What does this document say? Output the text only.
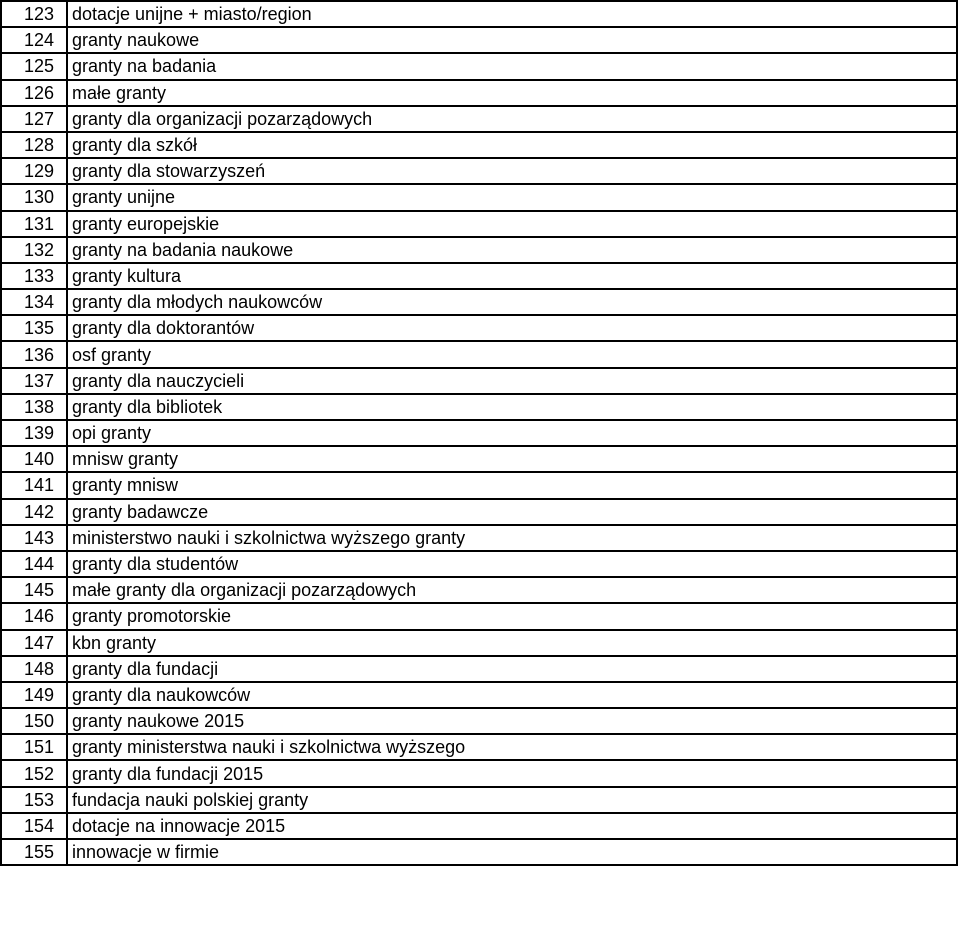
123	dotacje unijne + miasto/region
124	granty naukowe
125	granty na badania
126	małe granty
127	granty dla organizacji pozarządowych
128	granty dla szkół
129	granty dla stowarzyszeń
130	granty unijne
131	granty europejskie
132	granty na badania naukowe
133	granty kultura
134	granty dla młodych naukowców
135	granty dla doktorantów
136	osf granty
137	granty dla nauczycieli
138	granty dla bibliotek
139	opi granty
140	mnisw granty
141	granty mnisw
142	granty badawcze
143	ministerstwo nauki i szkolnictwa wyższego granty
144	granty dla studentów
145	małe granty dla organizacji pozarządowych
146	granty promotorskie
147	kbn granty
148	granty dla fundacji
149	granty dla naukowców
150	granty naukowe 2015
151	granty ministerstwa nauki i szkolnictwa wyższego
152	granty dla fundacji 2015
153	fundacja nauki polskiej granty
154	dotacje na innowacje 2015
155	innowacje w firmie
